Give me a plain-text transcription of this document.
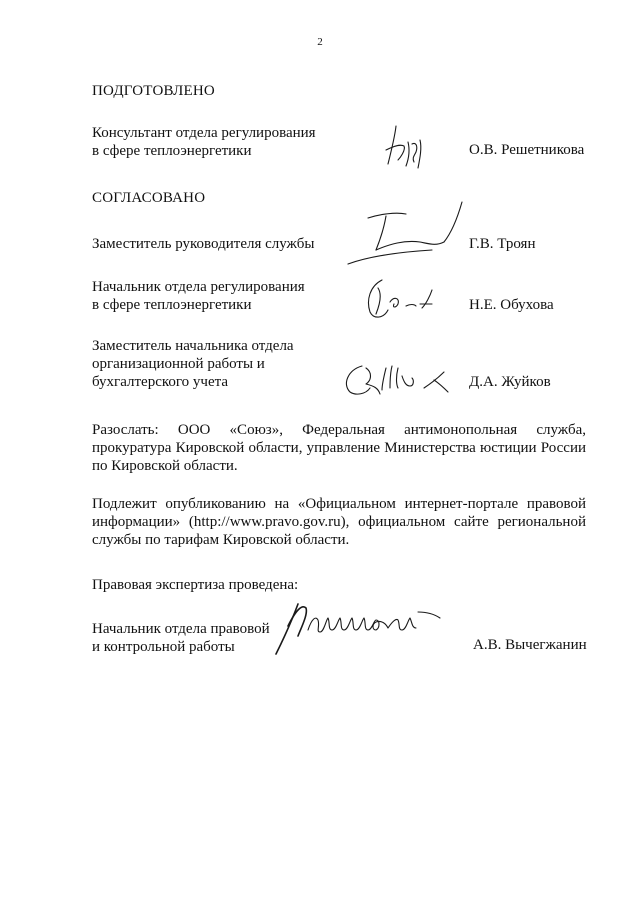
2
ПОДГОТОВЛЕНО
Консультант отдела регулирования
в сфере теплоэнергетики	О.В. Решетникова
СОГЛАСОВАНО
Заместитель руководителя службы	Г.В. Троян
Начальник отдела регулирования
в сфере теплоэнергетики	Н.Е. Обухова
Заместитель начальника отдела
организационной работы и
бухгалтерского учета	Д.А. Жуйков
Разослать: ООО «Союз», Федеральная антимонопольная служба, прокуратура Кировской области, управление Министерства юстиции России по Кировской области.
Подлежит опубликованию на «Официальном интернет-портале правовой информации» (http://www.pravo.gov.ru), официальном сайте региональной службы по тарифам Кировской области.
Правовая экспертиза проведена:
Начальник отдела правовой
и контрольной работы	А.В. Вычегжанин
